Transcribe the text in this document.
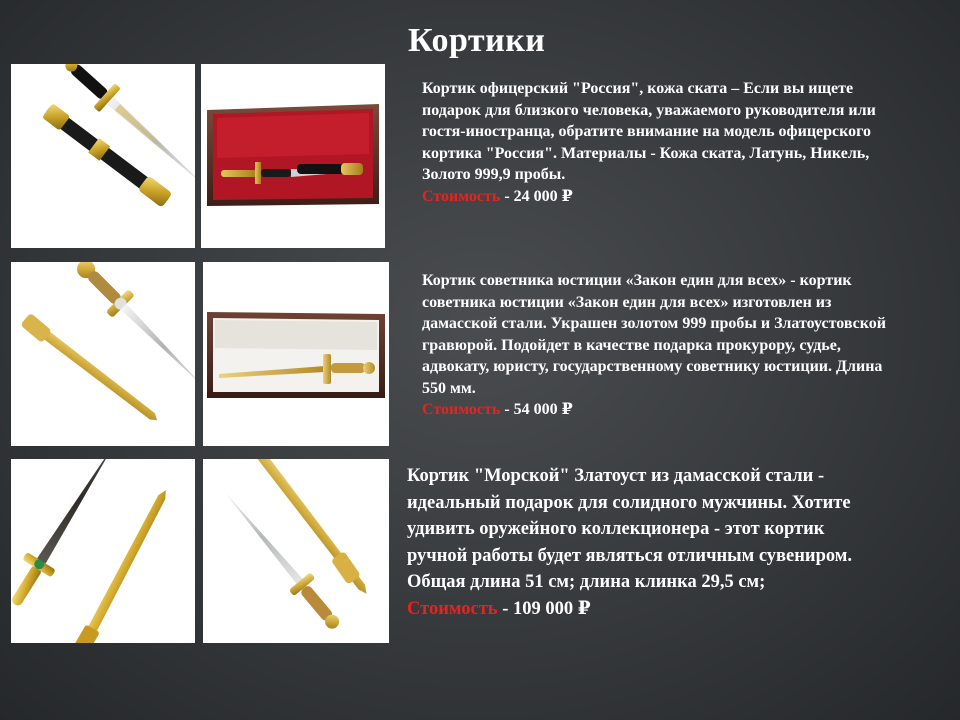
Кортики

Кортик офицерский "Россия", кожа ската – Если вы ищете подарок для близкого человека, уважаемого руководителя или гостя-иностранца, обратите внимание на модель офицерского кортика "Россия". Материалы - Кожа ската, Латунь, Никель, Золото 999,9 пробы.

Стоимость - 24 000 ₽

Кортик советника юстиции «Закон един для всех» - кортик советника юстиции «Закон един для всех» изготовлен из дамасской стали. Украшен золотом 999 пробы и Златоустовской гравюрой. Подойдет в качестве подарка прокурору, судье, адвокату, юристу, государственному советнику юстиции. Длина 550 мм.

Стоимость - 54 000 ₽

Кортик "Морской" Златоуст из дамасской стали - идеальный подарок для солидного мужчины. Хотите удивить оружейного коллекционера - этот кортик ручной работы будет являться отличным сувениром. Общая длина 51 см; длина клинка 29,5 см;

Стоимость - 109 000 ₽
